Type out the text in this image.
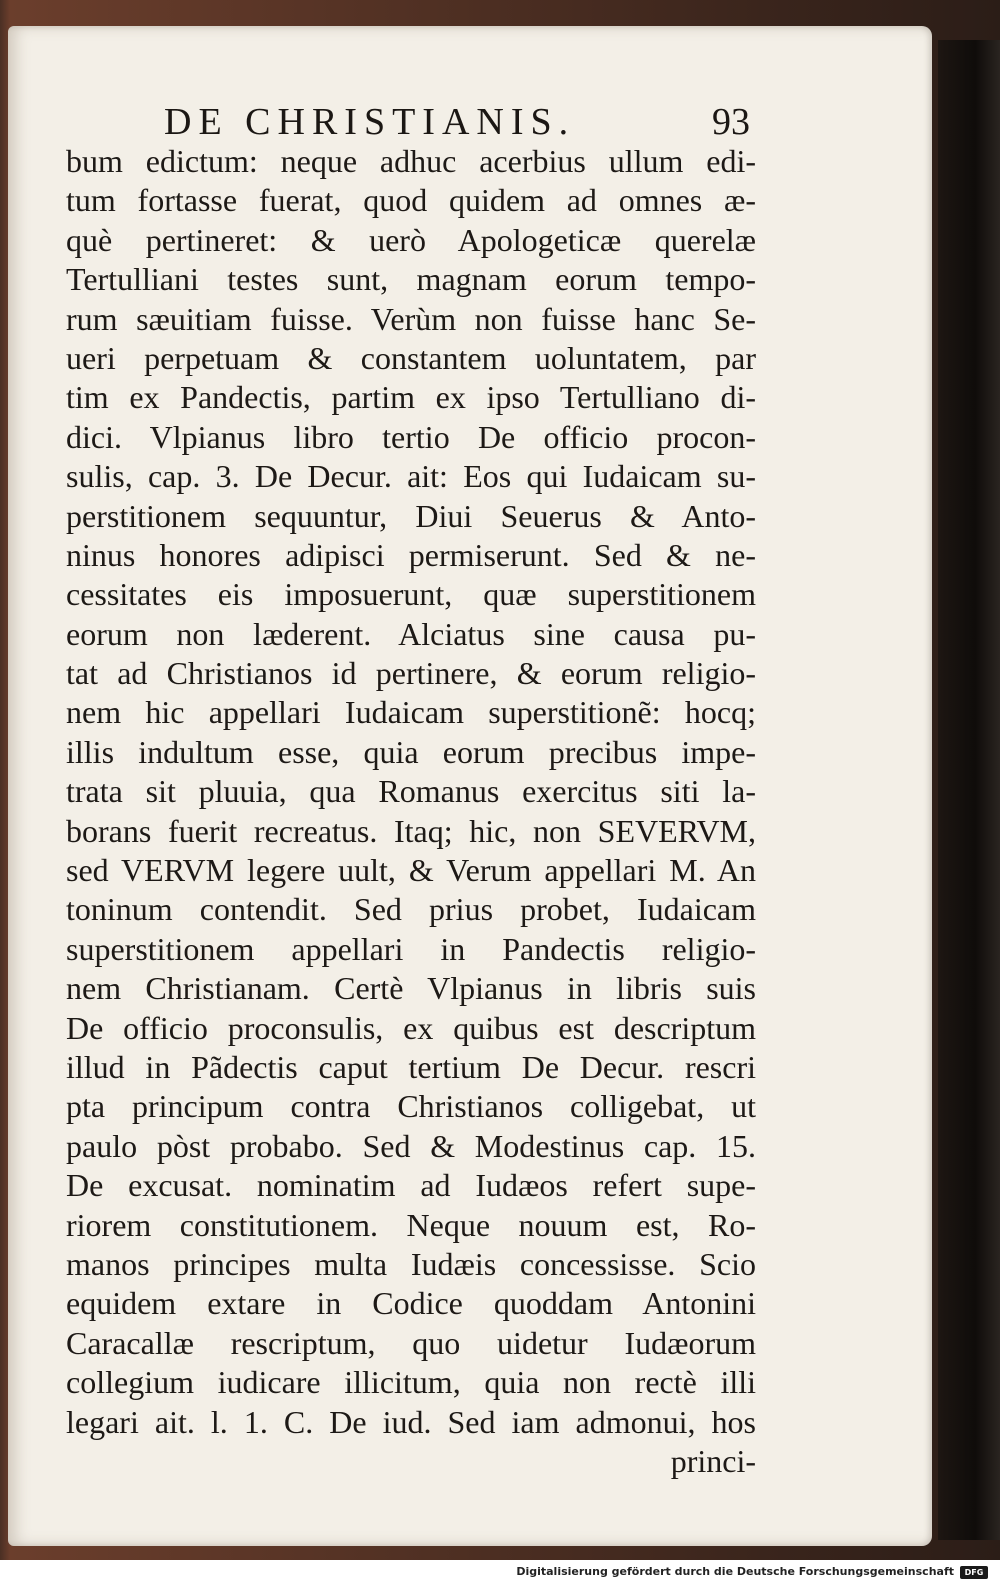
DE CHRISTIANIS.	93
bum edictum: neque adhuc acerbius ullum edi-
tum fortasse fuerat, quod quidem ad omnes æ-
què pertineret: & uerò Apologeticæ querelæ
Tertulliani testes sunt, magnam eorum tempo-
rum sæuitiam fuisse. Verùm non fuisse hanc Se-
ueri perpetuam & constantem uoluntatem, par
tim ex Pandectis, partim ex ipso Tertulliano di-
dici. Vlpianus libro tertio De officio procon-
sulis, cap. 3. De Decur. ait: Eos qui Iudaicam su-
perstitionem sequuntur, Diui Seuerus & Anto-
ninus honores adipisci permiserunt. Sed & ne-
cessitates eis imposuerunt, quæ superstitionem
eorum non læderent. Alciatus sine causa pu-
tat ad Christianos id pertinere, & eorum religio-
nem hic appellari Iudaicam superstitionẽ: hocq;
illis indultum esse, quia eorum precibus impe-
trata sit pluuia, qua Romanus exercitus siti la-
borans fuerit recreatus. Itaq; hic, non SEVERVM,
sed VERVM legere uult, & Verum appellari M. An
toninum contendit. Sed prius probet, Iudaicam
superstitionem appellari in Pandectis religio-
nem Christianam. Certè Vlpianus in libris suis
De officio proconsulis, ex quibus est descriptum
illud in Pãdectis caput tertium De Decur. rescri
pta principum contra Christianos colligebat, ut
paulo pòst probabo. Sed & Modestinus cap. 15.
De excusat. nominatim ad Iudæos refert supe-
riorem constitutionem. Neque nouum est, Ro-
manos principes multa Iudæis concessisse. Scio
equidem extare in Codice quoddam Antonini
Caracallæ rescriptum, quo uidetur Iudæorum
collegium iudicare illicitum, quia non rectè illi
legari ait. l. 1. C. De iud. Sed iam admonui, hos
princi-
Digitalisierung gefördert durch die Deutsche Forschungsgemeinschaft	DFG
